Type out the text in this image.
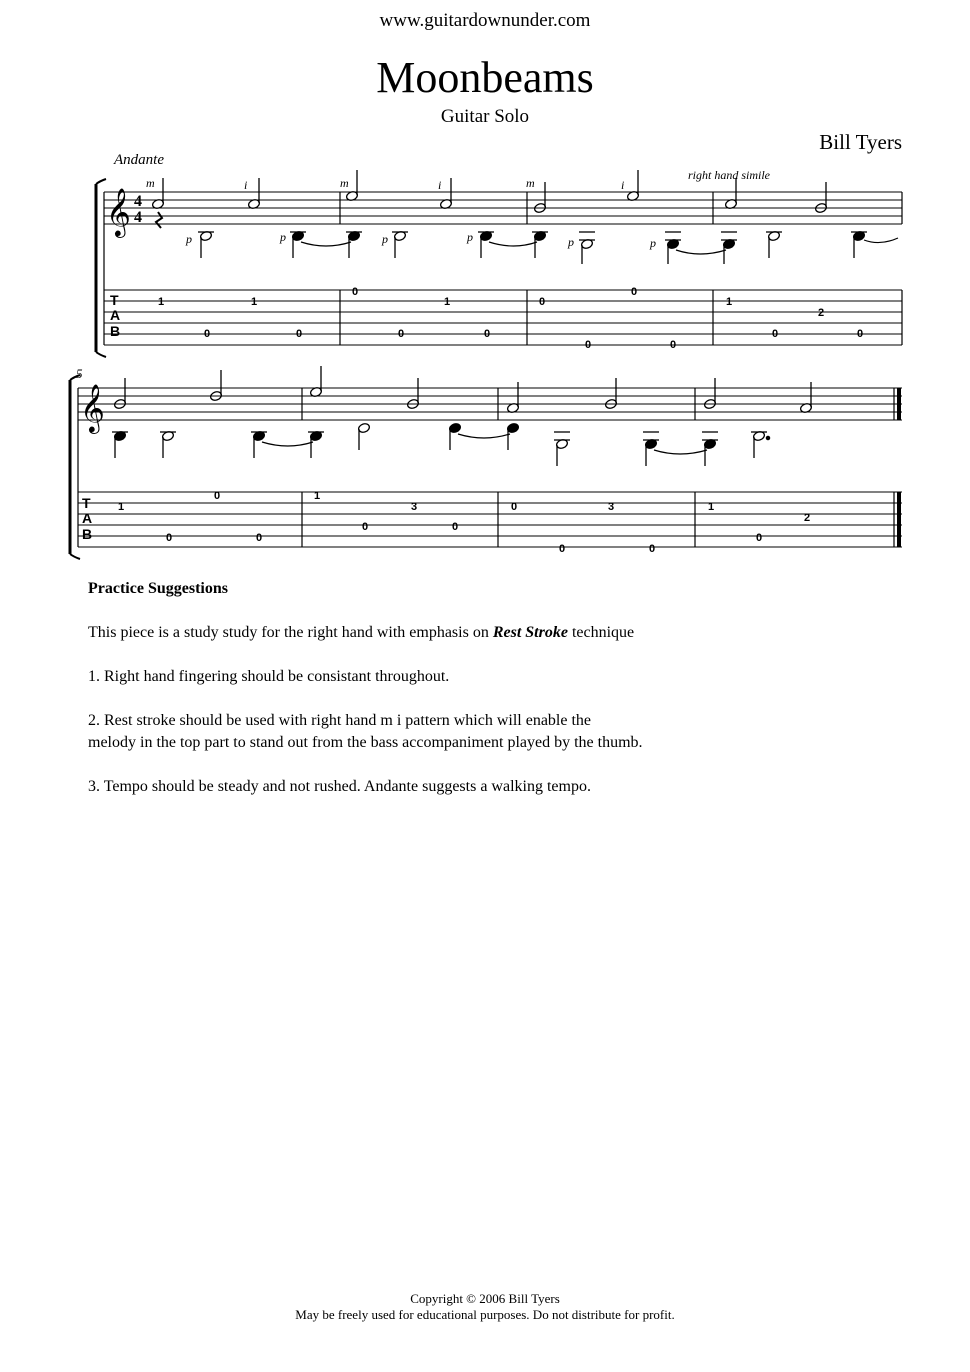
www.guitardownunder.com
Moonbeams
Guitar Solo
Bill Tyers
𝄞
𝄞
4
4
T
A
B
T
A
B
Andante
right hand simile
5
m	i	m	i	m	i
p	p	p	p	p	p
1	1
0	0
0
1
0	0
0
0
0	0
1
2
0	0
1
0
0	0
1
3
0	0
0	3
0	0
1
2
0
Practice Suggestions
This piece is a study study for the right hand with emphasis on Rest Stroke technique
1. Right hand fingering should be consistant throughout.
2. Rest stroke should be used with right hand m i pattern which will enable the
melody in the top part to stand out from the bass accompaniment played by the thumb.
3. Tempo should be steady and not rushed. Andante suggests a walking tempo.
Copyright © 2006 Bill Tyers
May be freely used for educational purposes. Do not distribute for profit.
